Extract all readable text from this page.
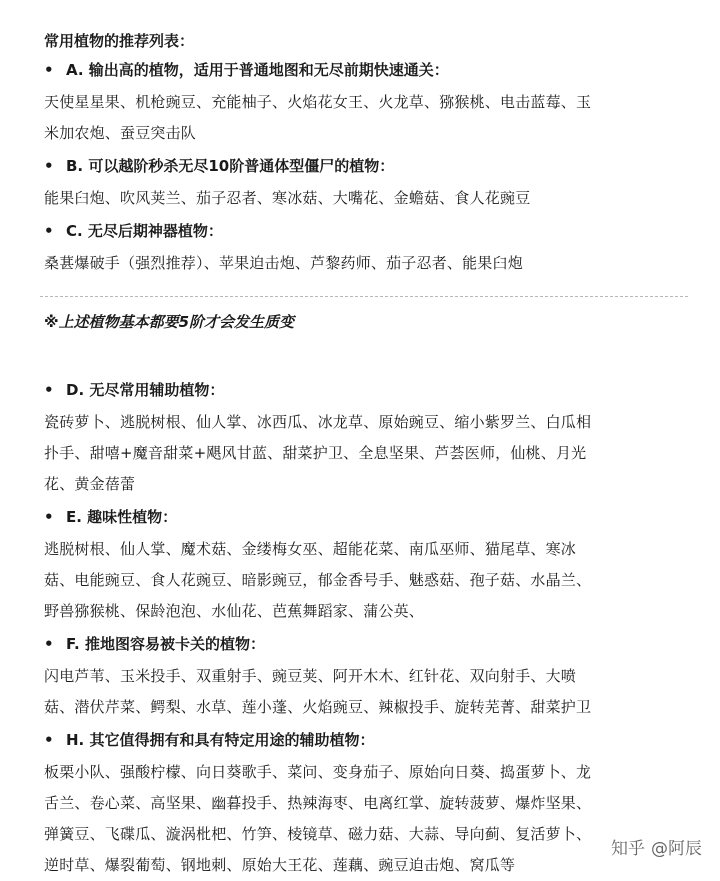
常用植物的推荐列表：
• A. 输出高的植物，适用于普通地图和无尽前期快速通关：
天使星星果、机枪豌豆、充能柚子、火焰花女王、火龙草、猕猴桃、电击蓝莓、玉
米加农炮、蚕豆突击队
• B. 可以越阶秒杀无尽10阶普通体型僵尸的植物：
能果臼炮、吹风荚兰、茄子忍者、寒冰菇、大嘴花、金蟾菇、食人花豌豆
• C. 无尽后期神器植物：
桑葚爆破手（强烈推荐）、苹果迫击炮、芦黎药师、茄子忍者、能果臼炮
※上述植物基本都要5阶才会发生质变
• D. 无尽常用辅助植物：
瓷砖萝卜、逃脱树根、仙人掌、冰西瓜、冰龙草、原始豌豆、缩小紫罗兰、白瓜相
扑手、甜嘻+魔音甜菜+飓风甘蓝、甜菜护卫、全息坚果、芦荟医师，仙桃、月光
花、黄金蓓蕾
• E. 趣味性植物：
逃脱树根、仙人掌、魔术菇、金缕梅女巫、超能花菜、南瓜巫师、猫尾草、寒冰
菇、电能豌豆、食人花豌豆、暗影豌豆，郁金香号手、魅惑菇、孢子菇、水晶兰、
野兽猕猴桃、保龄泡泡、水仙花、芭蕉舞蹈家、蒲公英、
• F. 推地图容易被卡关的植物：
闪电芦苇、玉米投手、双重射手、豌豆荚、阿开木木、红针花、双向射手、大喷
菇、潜伏芹菜、鳄梨、水草、莲小蓬、火焰豌豆、辣椒投手、旋转芜菁、甜菜护卫
• H. 其它值得拥有和具有特定用途的辅助植物：
板栗小队、强酸柠檬、向日葵歌手、菜问、变身茄子、原始向日葵、捣蛋萝卜、龙
舌兰、卷心菜、高坚果、幽暮投手、热辣海枣、电离红掌、旋转菠萝、爆炸坚果、
弹簧豆、飞碟瓜、漩涡枇杷、竹笋、棱镜草、磁力菇、大蒜、导向蓟、复活萝卜、
逆时草、爆裂葡萄、钢地刺、原始大王花、莲藕、豌豆迫击炮、窝瓜等
知乎 @阿辰
